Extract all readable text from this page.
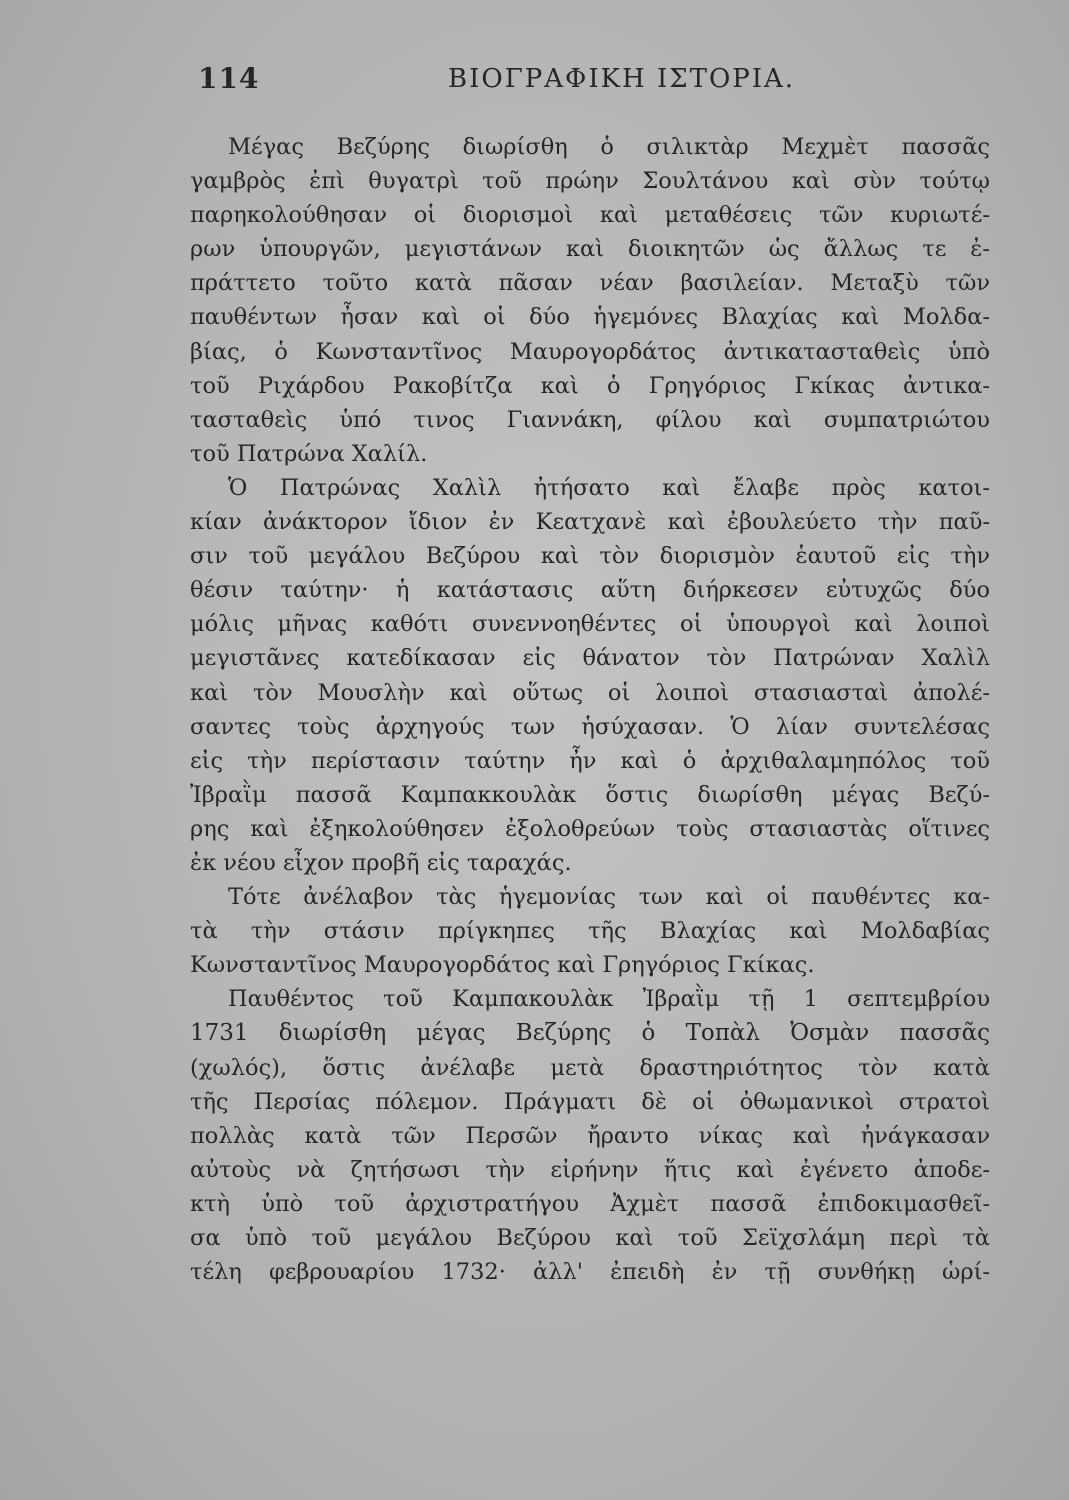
114	ΒΙΟΓΡΑΦΙΚΗ ΙΣΤΟΡΙΑ.
Μέγας Βεζύρης διωρίσθη ὁ σιλικτὰρ Μεχμὲτ πασσᾶς
γαμβρὸς ἐπὶ θυγατρὶ τοῦ πρώην Σουλτάνου καὶ σὺν τούτῳ
παρηκολούθησαν οἱ διορισμοὶ καὶ μεταθέσεις τῶν κυριωτέ-
ρων ὑπουργῶν, μεγιστάνων καὶ διοικητῶν ὡς ἄλλως τε ἐ-
πράττετο τοῦτο κατὰ πᾶσαν νέαν βασιλείαν. Μεταξὺ τῶν
παυθέντων ἦσαν καὶ οἱ δύο ἡγεμόνες Βλαχίας καὶ Μολδα-
βίας, ὁ Κωνσταντῖνος Μαυρογορδάτος ἀντικατασταθεὶς ὑπὸ
τοῦ Ριχάρδου Ρακοβίτζα καὶ ὁ Γρηγόριος Γκίκας ἀντικα-
τασταθεὶς ὑπό τινος Γιαννάκη, φίλου καὶ συμπατριώτου
τοῦ Πατρώνα Χαλίλ.
Ὁ Πατρώνας Χαλὶλ ἠτήσατο καὶ ἔλαβε πρὸς κατοι-
κίαν ἀνάκτορον ἴδιον ἐν Κεατχανὲ καὶ ἐβουλεύετο τὴν παῦ-
σιν τοῦ μεγάλου Βεζύρου καὶ τὸν διορισμὸν ἑαυτοῦ εἰς τὴν
θέσιν ταύτην· ἡ κατάστασις αὕτη διήρκεσεν εὐτυχῶς δύο
μόλις μῆνας καθότι συνεννοηθέντες οἱ ὑπουργοὶ καὶ λοιποὶ
μεγιστᾶνες κατεδίκασαν εἰς θάνατον τὸν Πατρώναν Χαλὶλ
καὶ τὸν Μουσλὴν καὶ οὕτως οἱ λοιποὶ στασιασταὶ ἀπολέ-
σαντες τοὺς ἀρχηγούς των ἡσύχασαν. Ὁ λίαν συντελέσας
εἰς τὴν περίστασιν ταύτην ἦν καὶ ὁ ἀρχιθαλαμηπόλος τοῦ
Ἰβραῒμ πασσᾶ Καμπακκουλὰκ ὅστις διωρίσθη μέγας Βεζύ-
ρης καὶ ἐξηκολούθησεν ἐξολοθρεύων τοὺς στασιαστὰς οἵτινες
ἐκ νέου εἶχον προβῆ εἰς ταραχάς.
Τότε ἀνέλαβον τὰς ἡγεμονίας των καὶ οἱ παυθέντες κα-
τὰ τὴν στάσιν πρίγκηπες τῆς Βλαχίας καὶ Μολδαβίας
Κωνσταντῖνος Μαυρογορδάτος καὶ Γρηγόριος Γκίκας.
Παυθέντος τοῦ Καμπακουλὰκ Ἰβραῒμ τῇ 1 σεπτεμβρίου
1731 διωρίσθη μέγας Βεζύρης ὁ Τοπὰλ Ὀσμὰν πασσᾶς
(χωλός), ὅστις ἀνέλαβε μετὰ δραστηριότητος τὸν κατὰ
τῆς Περσίας πόλεμον. Πράγματι δὲ οἱ ὀθωμανικοὶ στρατοὶ
πολλὰς κατὰ τῶν Περσῶν ἤραντο νίκας καὶ ἠνάγκασαν
αὐτοὺς νὰ ζητήσωσι τὴν εἰρήνην ἥτις καὶ ἐγένετο ἀποδε-
κτὴ ὑπὸ τοῦ ἀρχιστρατήγου Ἀχμὲτ πασσᾶ ἐπιδοκιμασθεῖ-
σα ὑπὸ τοῦ μεγάλου Βεζύρου καὶ τοῦ Σεϊχσλάμη περὶ τὰ
τέλη φεβρουαρίου 1732· ἀλλ' ἐπειδὴ ἐν τῇ συνθήκῃ ὡρί-
